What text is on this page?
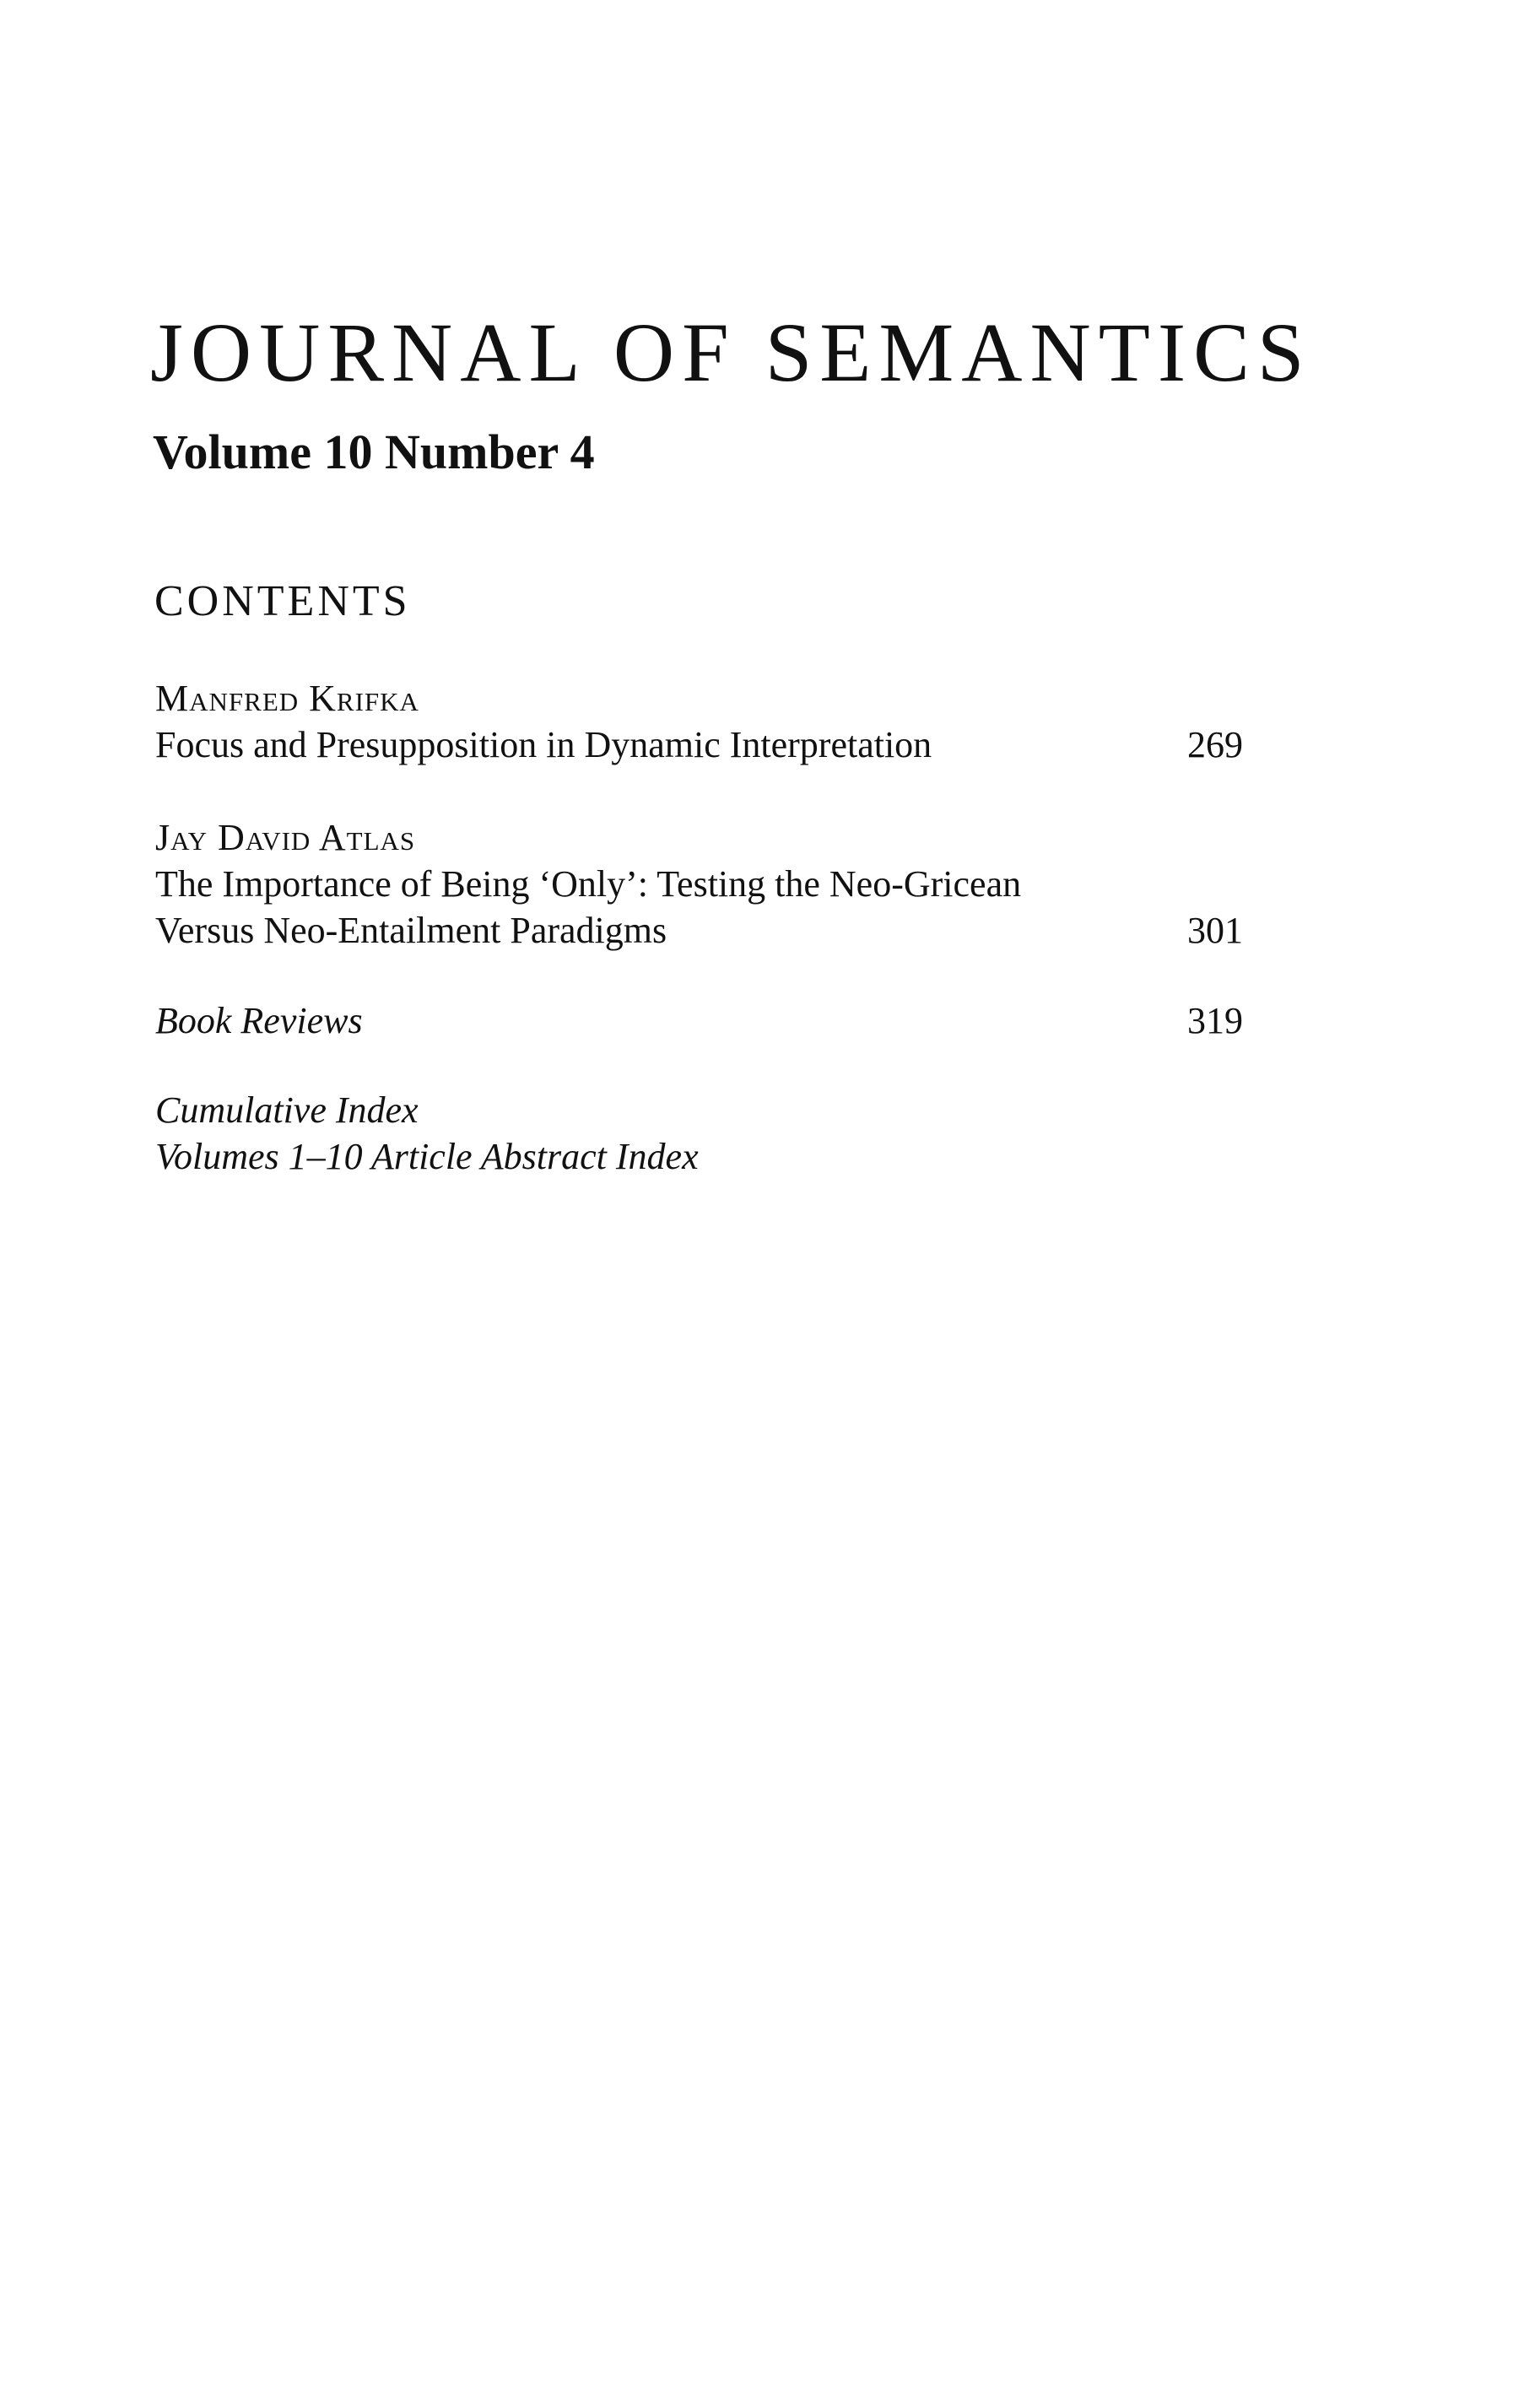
JOURNAL OF SEMANTICS
Volume 10 Number 4
CONTENTS
Manfred Krifka
Focus and Presupposition in Dynamic Interpretation	269
Jay David Atlas
The Importance of Being ‘Only’: Testing the Neo-Gricean
Versus Neo-Entailment Paradigms	301
Book Reviews	319
Cumulative Index
Volumes 1–10 Article Abstract Index
